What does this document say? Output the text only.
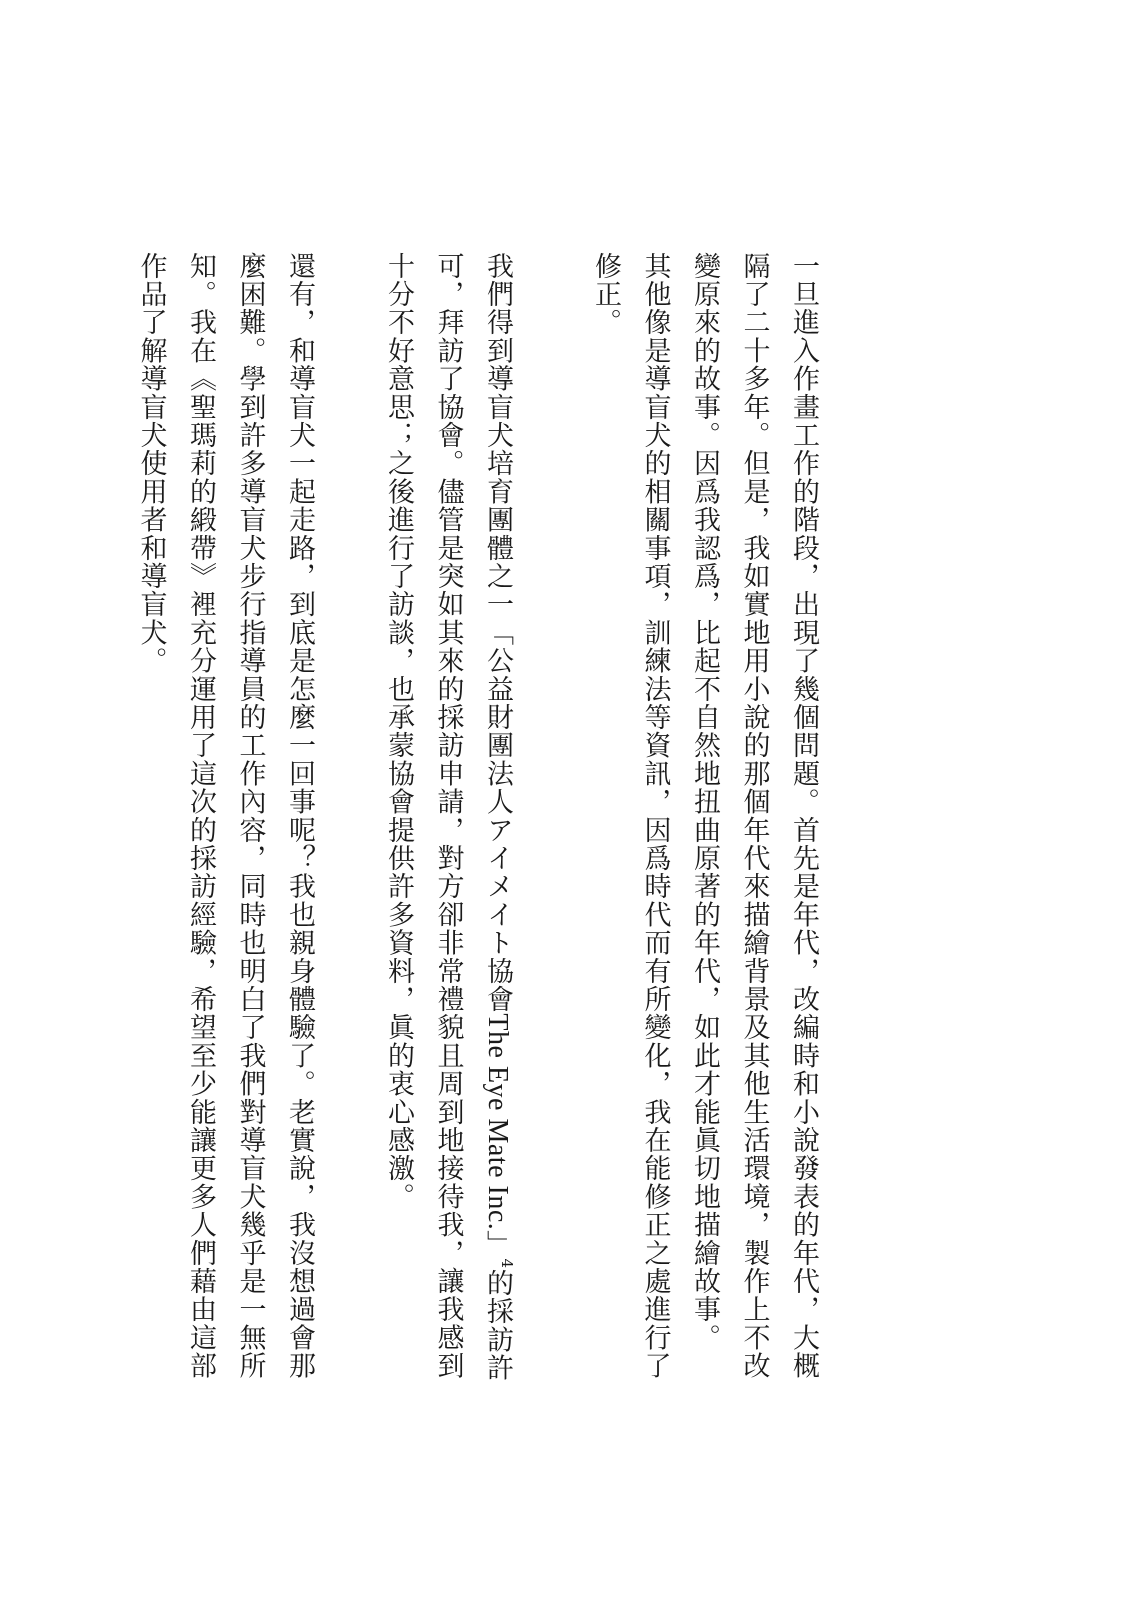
一旦進入作畫工作的階段，出現了幾個問題。首先是年代，改編時和小說發表的年代，大概隔了二十多年。但是，我如實地用小說的那個年代來描繪背景及其他生活環境，製作上不改變原來的故事。因爲我認爲，比起不自然地扭曲原著的年代，如此才能眞切地描繪故事。

其他像是導盲犬的相關事項，訓練法等資訊，因爲時代而有所變化，我在能修正之處進行了修正。

我們得到導盲犬培育團體之一「公益財團法人アイメイト協會The Eye Mate Inc.」$^4$的採訪許可，拜訪了協會。儘管是突如其來的採訪申請，對方卻非常禮貌且周到地接待我，讓我感到十分不好意思；之後進行了訪談，也承蒙協會提供許多資料，眞的衷心感激。

還有，和導盲犬一起走路，到底是怎麼一回事呢？我也親身體驗了。老實說，我沒想過會那麼困難。學到許多導盲犬步行指導員的工作內容，同時也明白了我們對導盲犬幾乎是一無所知。我在《聖瑪莉的緞帶》裡充分運用了這次的採訪經驗，希望至少能讓更多人們藉由這部作品了解導盲犬使用者和導盲犬。
